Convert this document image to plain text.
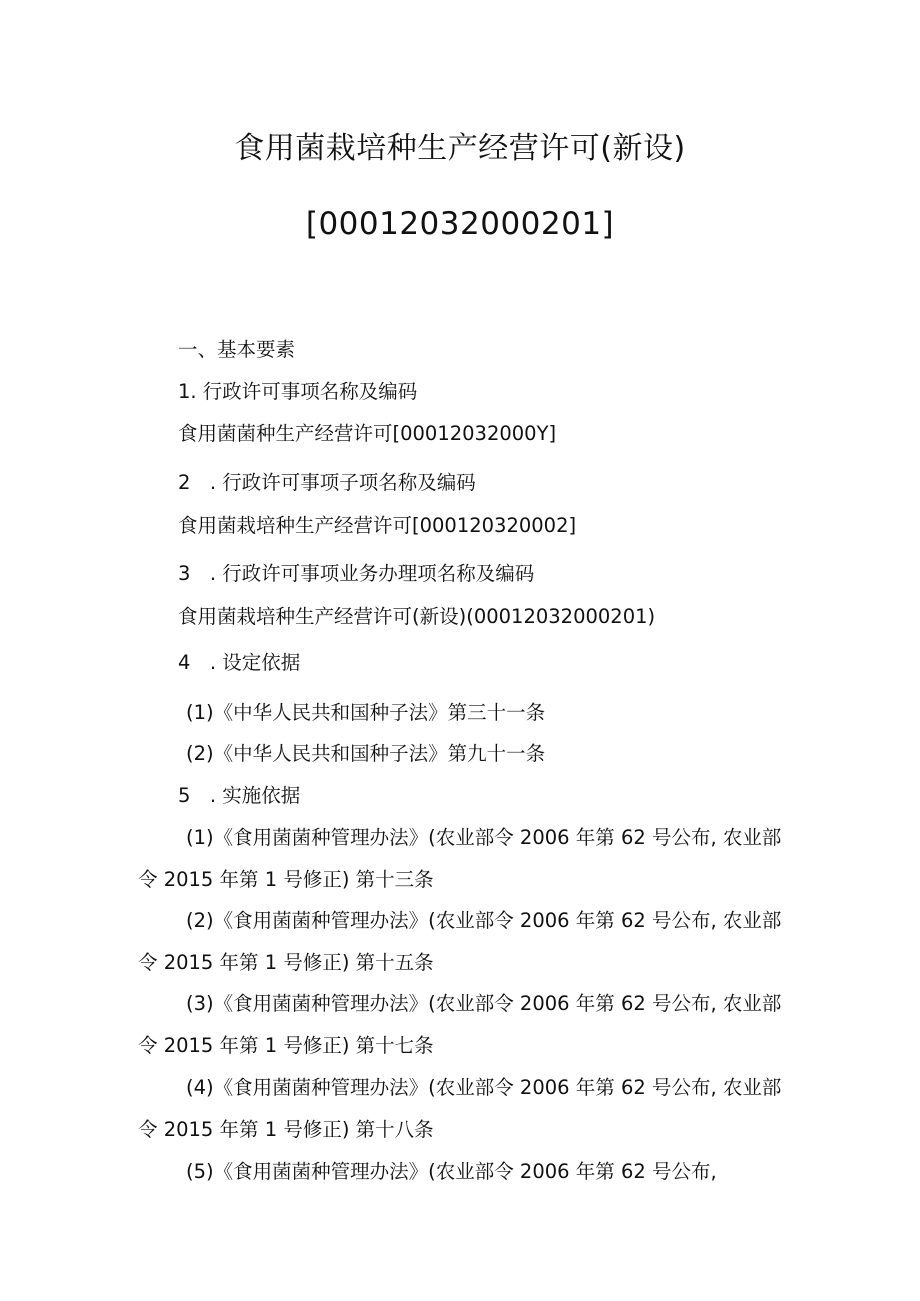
食用菌栽培种生产经营许可(新设)
[00012032000201]
一、基本要素
1. 行政许可事项名称及编码
食用菌菌种生产经营许可[00012032000Y]
2　. 行政许可事项子项名称及编码
食用菌栽培种生产经营许可[000120320002]
3　. 行政许可事项业务办理项名称及编码
食用菌栽培种生产经营许可(新设)(00012032000201)
4　. 设定依据
(1)《中华人民共和国种子法》第三十一条
(2)《中华人民共和国种子法》第九十一条
5　. 实施依据
(1)《食用菌菌种管理办法》(农业部令 2006 年第 62 号公布, 农业部
令 2015 年第 1 号修正) 第十三条
(2)《食用菌菌种管理办法》(农业部令 2006 年第 62 号公布, 农业部
令 2015 年第 1 号修正) 第十五条
(3)《食用菌菌种管理办法》(农业部令 2006 年第 62 号公布, 农业部
令 2015 年第 1 号修正) 第十七条
(4)《食用菌菌种管理办法》(农业部令 2006 年第 62 号公布, 农业部
令 2015 年第 1 号修正) 第十八条
(5)《食用菌菌种管理办法》(农业部令 2006 年第 62 号公布,
